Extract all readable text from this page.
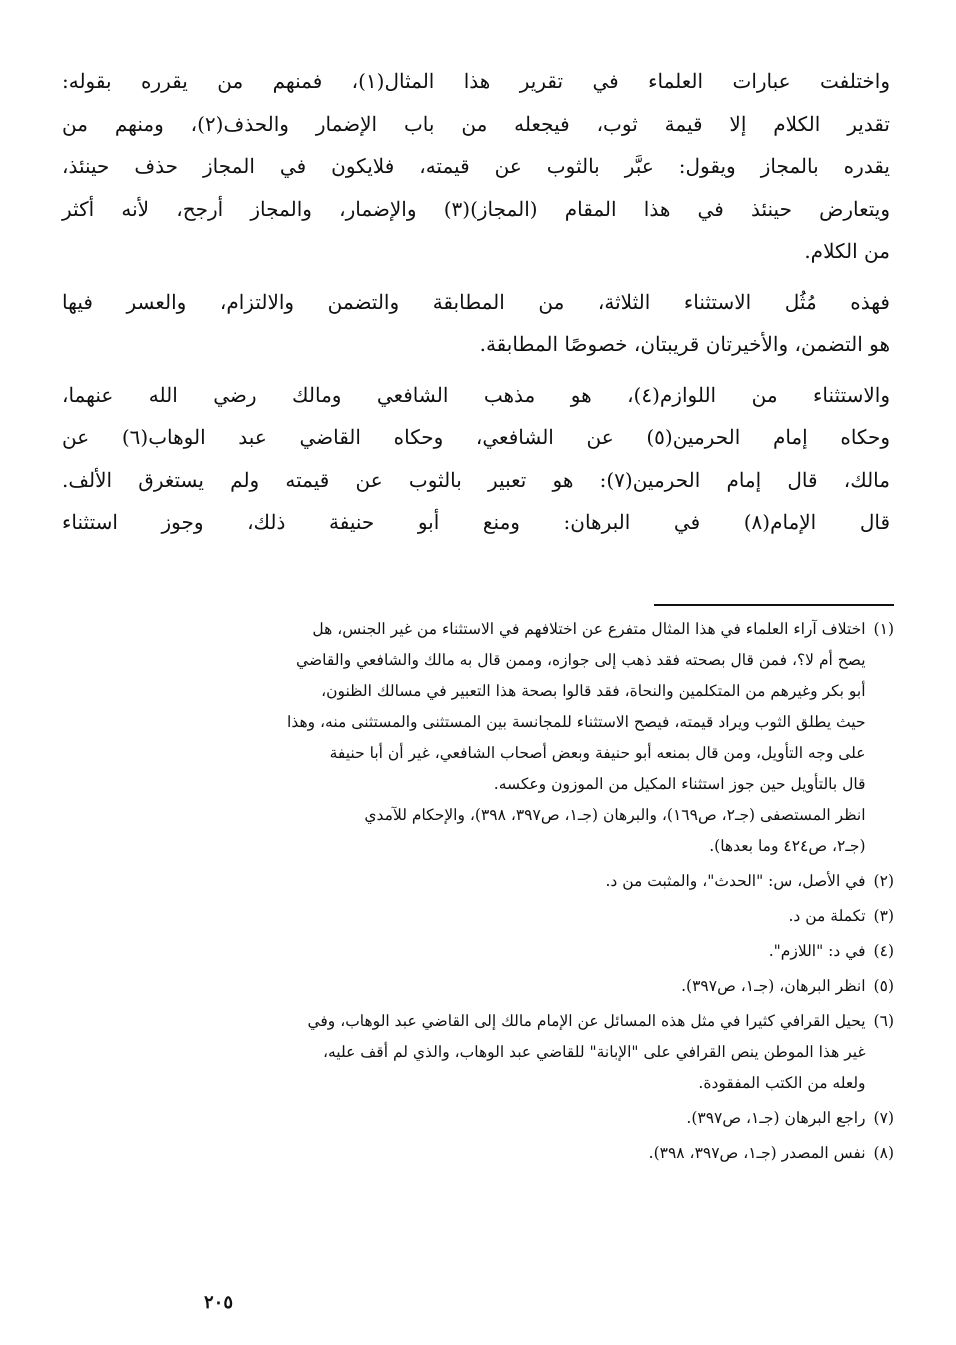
واختلفت عبارات العلماء في تقرير هذا المثال(١)، فمنهم من يقرره بقوله:
تقدير الكلام إلا قيمة ثوب، فيجعله من باب الإضمار والحذف(٢)، ومنهم من
يقدره بالمجاز ويقول: عبَّر بالثوب عن قيمته، فلايكون في المجاز حذف حينئذ،
ويتعارض حينئذ في هذا المقام (المجاز)(٣) والإضمار، والمجاز أرجح، لأنه أكثر
من الكلام.

فهذه مُثُل الاستثناء الثلاثة، من المطابقة والتضمن والالتزام، والعسر فيها
هو التضمن، والأخيرتان قريبتان، خصوصًا المطابقة.

والاستثناء من اللوازم(٤)، هو مذهب الشافعي ومالك رضي الله عنهما،
وحكاه إمام الحرمين(٥) عن الشافعي، وحكاه القاضي عبد الوهاب(٦) عن
مالك، قال إمام الحرمين(٧): هو تعبير بالثوب عن قيمته ولم يستغرق الألف.
قال الإمام(٨) في البرهان: ومنع أبو حنيفة ذلك، وجوز استثناء

(١)
اختلاف آراء العلماء في هذا المثال متفرع عن اختلافهم في الاستثناء من غير الجنس، هل
يصح أم لا؟، فمن قال بصحته فقد ذهب إلى جوازه، وممن قال به مالك والشافعي والقاضي
أبو بكر وغيرهم من المتكلمين والنحاة، فقد قالوا بصحة هذا التعبير في مسالك الظنون،
حيث يطلق الثوب ويراد قيمته، فيصح الاستثناء للمجانسة بين المستثنى والمستثنى منه، وهذا
على وجه التأويل، ومن قال بمنعه أبو حنيفة وبعض أصحاب الشافعي، غير أن أبا حنيفة
قال بالتأويل حين جوز استثناء المكيل من الموزون وعكسه.
انظر المستصفى (جـ٢، ص١٦٩)، والبرهان (جـ١، ص٣٩٧، ٣٩٨)، والإحكام للآمدي
(جـ٢، ص٤٢٤ وما بعدها).
(٢)
في الأصل، س: "الحدث"، والمثبت من د.
(٣)
تكملة من د.
(٤)
في د: "اللازم".
(٥)
انظر البرهان، (جـ١، ص٣٩٧).
(٦)
يحيل القرافي كثيرا في مثل هذه المسائل عن الإمام مالك إلى القاضي عبد الوهاب، وفي
غير هذا الموطن ينص القرافي على "الإبانة" للقاضي عبد الوهاب، والذي لم أقف عليه،
ولعله من الكتب المفقودة.
(٧)
راجع البرهان (جـ١، ص٣٩٧).
(٨)
نفس المصدر (جـ١، ص٣٩٧، ٣٩٨).
٢٠٥
